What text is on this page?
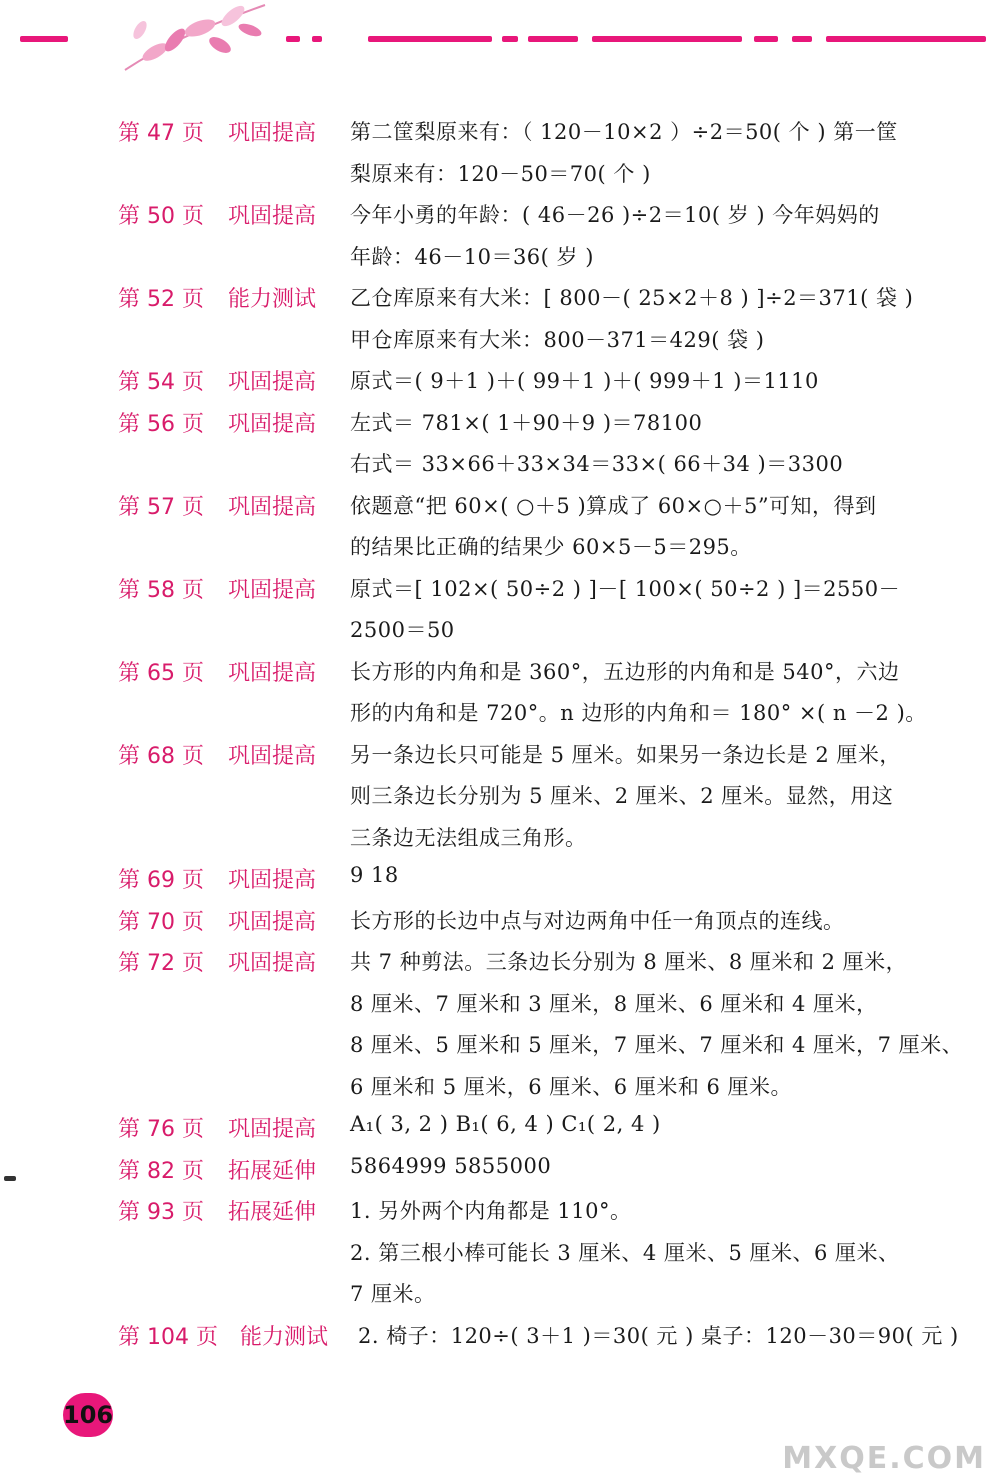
第 47 页 巩固提高 第二筐梨原来有：（ 120－10×2 ）÷2＝50( 个 ) 第一筐
梨原来有：120－50＝70( 个 )
第 50 页 巩固提高 今年小勇的年龄：( 46－26 )÷2＝10( 岁 ) 今年妈妈的
年龄：46－10＝36( 岁 )
第 52 页 能力测试 乙仓库原来有大米：[ 800－( 25×2＋8 ) ]÷2＝371( 袋 )
甲仓库原来有大米：800－371＝429( 袋 )
第 54 页 巩固提高 原式＝( 9＋1 )＋( 99＋1 )＋( 999＋1 )＝1110
第 56 页 巩固提高 左式＝ 781×( 1＋90＋9 )＝78100
右式＝ 33×66＋33×34＝33×( 66＋34 )＝3300
第 57 页 巩固提高 依题意“把 60×( ○＋5 )算成了 60×○＋5”可知，得到
的结果比正确的结果少 60×5－5＝295。
第 58 页 巩固提高 原式＝[ 102×( 50÷2 ) ]－[ 100×( 50÷2 ) ]＝2550－
2500＝50
第 65 页 巩固提高 长方形的内角和是 360°，五边形的内角和是 540°，六边
形的内角和是 720°。n 边形的内角和＝ 180° ×( n －2 )。
第 68 页 巩固提高 另一条边长只可能是 5 厘米。如果另一条边长是 2 厘米，
则三条边长分别为 5 厘米、2 厘米、2 厘米。显然，用这
三条边无法组成三角形。
第 69 页 巩固提高 9 18
第 70 页 巩固提高 长方形的长边中点与对边两角中任一角顶点的连线。
第 72 页 巩固提高 共 7 种剪法。三条边长分别为 8 厘米、8 厘米和 2 厘米，
8 厘米、7 厘米和 3 厘米，8 厘米、6 厘米和 4 厘米，
8 厘米、5 厘米和 5 厘米，7 厘米、7 厘米和 4 厘米，7 厘米、
6 厘米和 5 厘米，6 厘米、6 厘米和 6 厘米。
第 76 页 巩固提高 A₁( 3, 2 ) B₁( 6, 4 ) C₁( 2, 4 )
第 82 页 拓展延伸 5864999 5855000
第 93 页 拓展延伸 1. 另外两个内角都是 110°。
2. 第三根小棒可能长 3 厘米、4 厘米、5 厘米、6 厘米、
7 厘米。
第 104 页 能力测试 2. 椅子：120÷( 3＋1 )＝30( 元 ) 桌子：120－30＝90( 元 )
106
MXQE.COM
